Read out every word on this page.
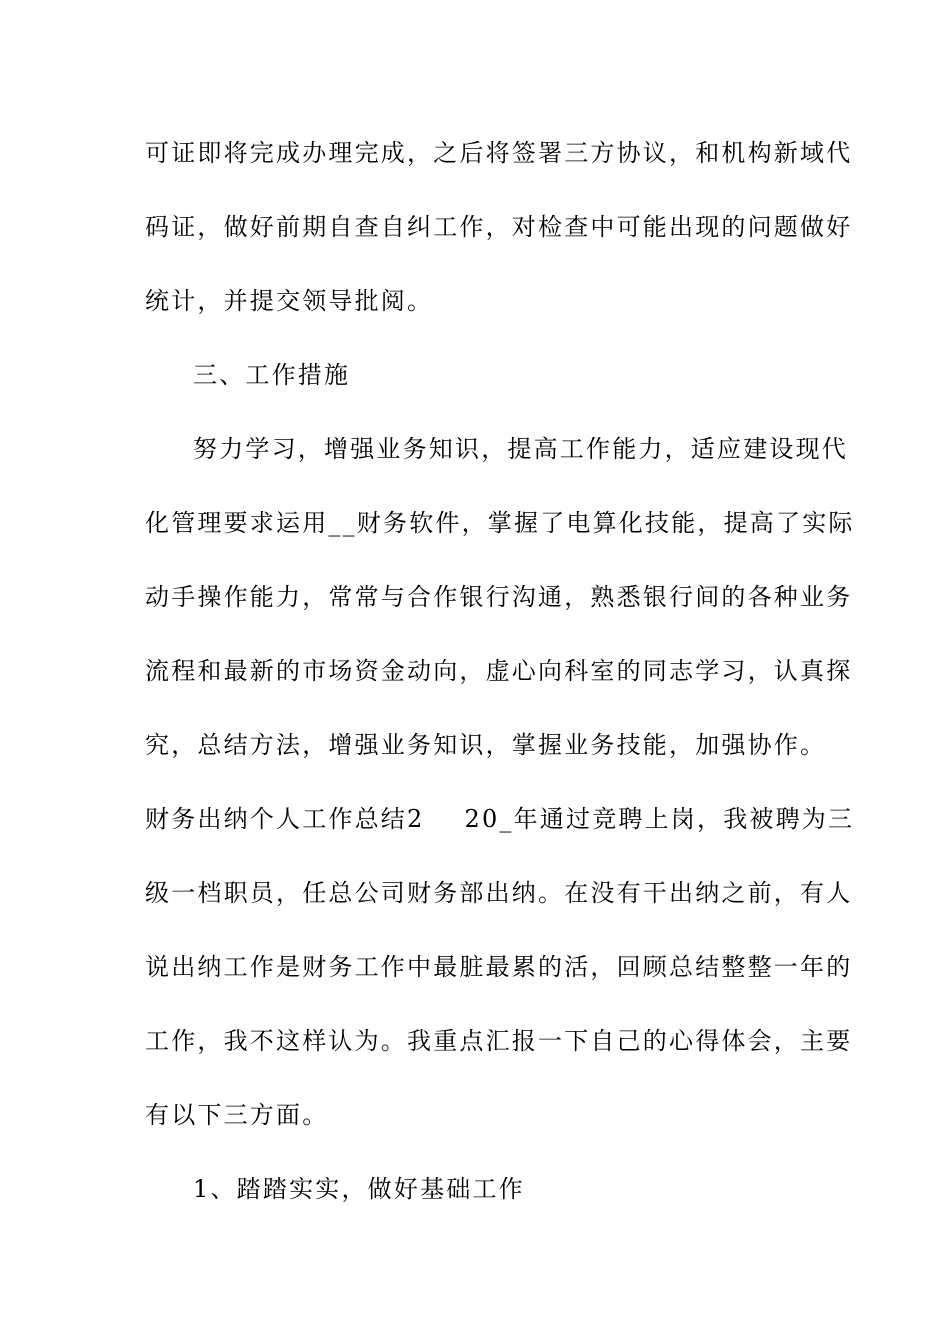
可证即将完成办理完成，之后将签署三方协议，和机构新域代
码证，做好前期自查自纠工作，对检查中可能出现的问题做好
统计，并提交领导批阅。
三、工作措施
努力学习，增强业务知识，提高工作能力，适应建设现代
化管理要求运用__财务软件，掌握了电算化技能，提高了实际
动手操作能力，常常与合作银行沟通，熟悉银行间的各种业务
流程和最新的市场资金动向，虚心向科室的同志学习，认真探
究，总结方法，增强业务知识，掌握业务技能，加强协作。
财务出纳个人工作总结2 20_年通过竞聘上岗，我被聘为三
级一档职员，任总公司财务部出纳。在没有干出纳之前，有人
说出纳工作是财务工作中最脏最累的活，回顾总结整整一年的
工作，我不这样认为。我重点汇报一下自己的心得体会，主要
有以下三方面。
1、踏踏实实，做好基础工作
